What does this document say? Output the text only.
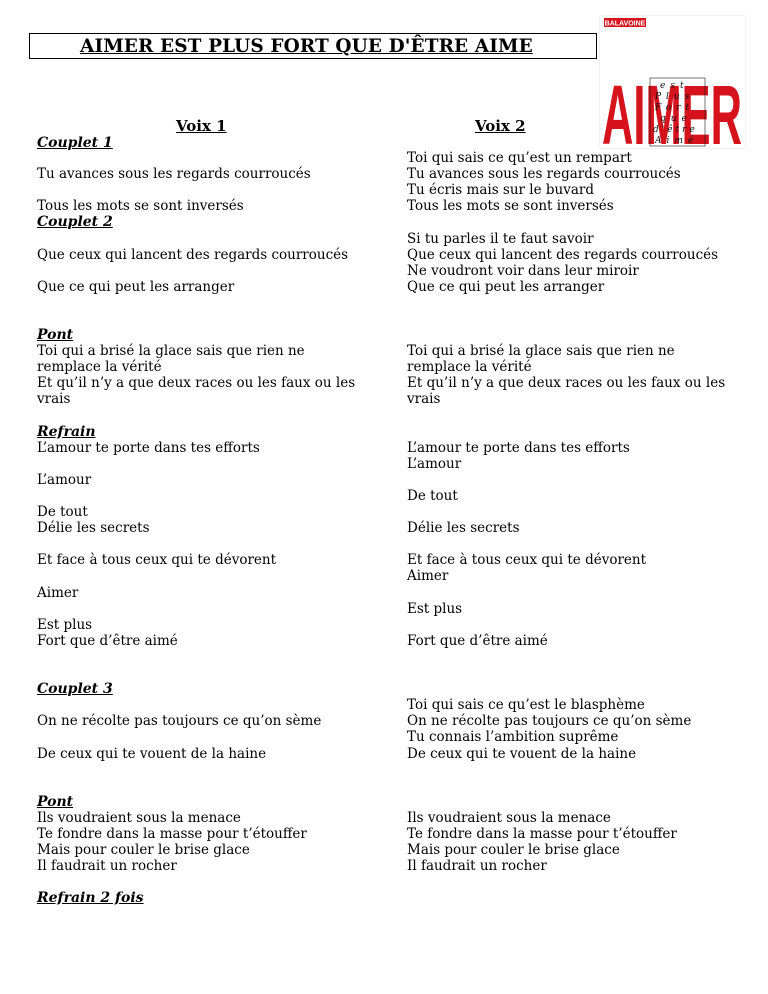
AIMER EST PLUS FORT QUE D'ÊTRE AIME
BALAVOINE
AIMER
est
Plus
Fort
que
d'être
Aimé
Voix 1	Voix 2
Couplet 1
Tu avances sous les regards courroucés
Tous les mots se sont inversés
Couplet 2
Que ceux qui lancent des regards courroucés
Que ce qui peut les arranger
Pont
Toi qui a brisé la glace sais que rien ne
remplace la vérité
Et qu’il n’y a que deux races ou les faux ou les
vrais
Refrain
L’amour te porte dans tes efforts
L’amour
De tout
Délie les secrets
Et face à tous ceux qui te dévorent
Aimer
Est plus
Fort que d’être aimé
Couplet 3
On ne récolte pas toujours ce qu’on sème
De ceux qui te vouent de la haine
Pont
Ils voudraient sous la menace
Te fondre dans la masse pour t’étouffer
Mais pour couler le brise glace
Il faudrait un rocher
Refrain 2 fois
Toi qui sais ce qu’est un rempart
Tu avances sous les regards courroucés
Tu écris mais sur le buvard
Tous les mots se sont inversés
Si tu parles il te faut savoir
Que ceux qui lancent des regards courroucés
Ne voudront voir dans leur miroir
Que ce qui peut les arranger
Toi qui a brisé la glace sais que rien ne
remplace la vérité
Et qu’il n’y a que deux races ou les faux ou les
vrais
L’amour te porte dans tes efforts
L’amour
De tout
Délie les secrets
Et face à tous ceux qui te dévorent
Aimer
Est plus
Fort que d’être aimé
Toi qui sais ce qu’est le blasphème
On ne récolte pas toujours ce qu’on sème
Tu connais l’ambition suprême
De ceux qui te vouent de la haine
Ils voudraient sous la menace
Te fondre dans la masse pour t’étouffer
Mais pour couler le brise glace
Il faudrait un rocher
